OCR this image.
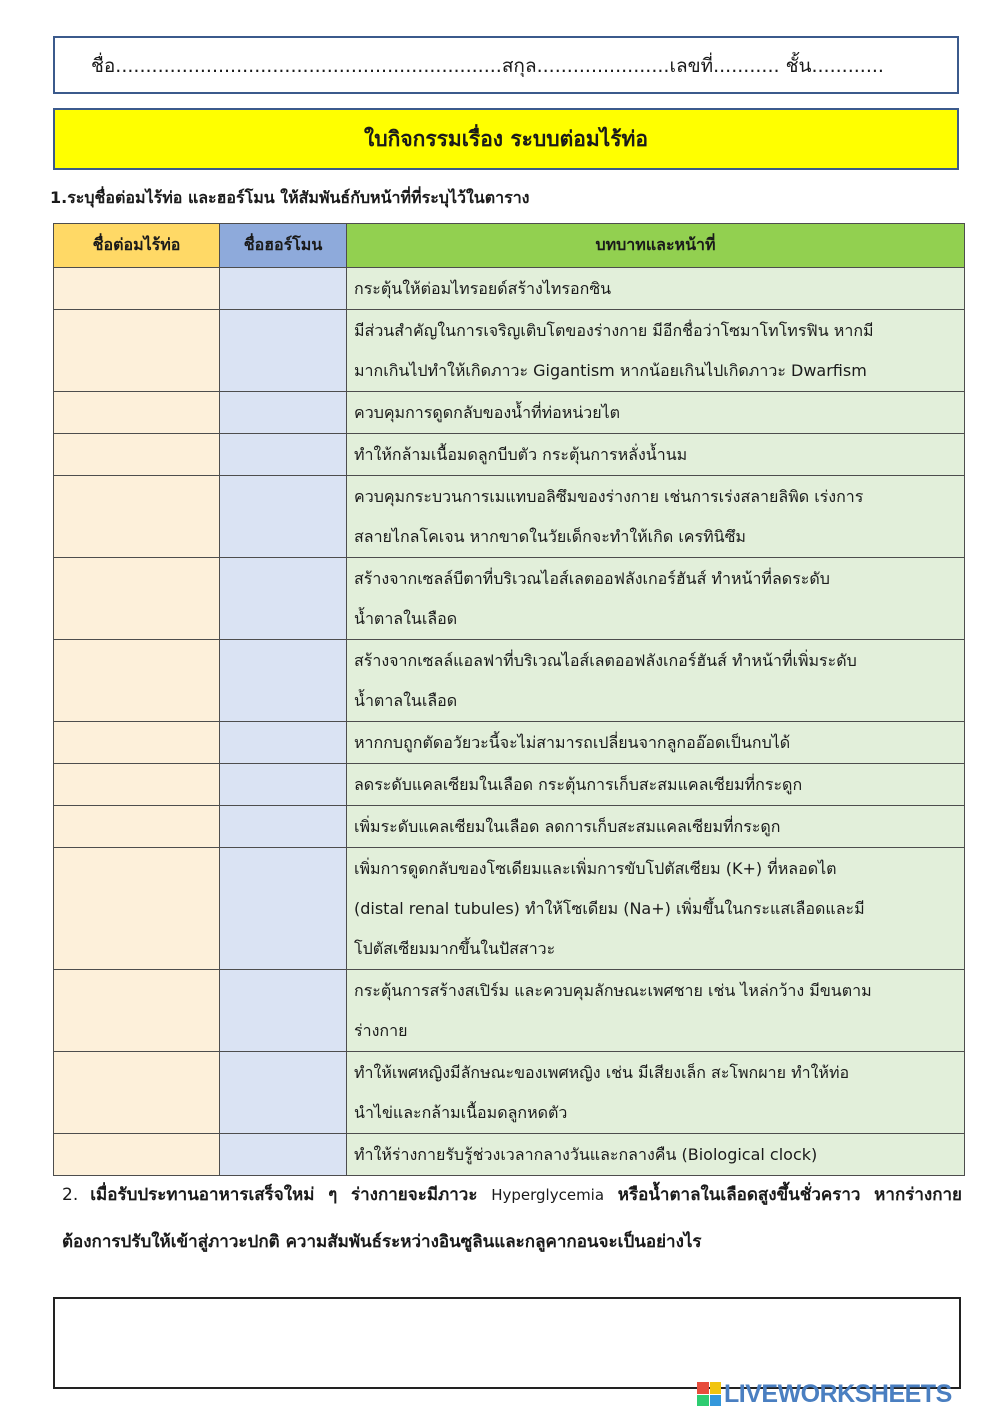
ชื่อ................................................................สกุล......................เลขที่........... ชั้น............
ใบกิจกรรมเรื่อง ระบบต่อมไร้ท่อ
1.ระบุชื่อต่อมไร้ท่อ และฮอร์โมน ให้สัมพันธ์กับหน้าที่ที่ระบุไว้ในตาราง
ชื่อต่อมไร้ท่อ	ชื่อฮอร์โมน	บทบาทและหน้าที่

		กระตุ้นให้ต่อมไทรอยด์สร้างไทรอกซิน

		มีส่วนสำคัญในการเจริญเติบโตของร่างกาย มีอีกชื่อว่าโซมาโทโทรฟิน หากมี
มากเกินไปทำให้เกิดภาวะ Gigantism หากน้อยเกินไปเกิดภาวะ Dwarfism

		ควบคุมการดูดกลับของน้ำที่ท่อหน่วยไต

		ทำให้กล้ามเนื้อมดลูกบีบตัว กระตุ้นการหลั่งน้ำนม

		ควบคุมกระบวนการเมแทบอลิซึมของร่างกาย เช่นการเร่งสลายลิพิด เร่งการ
สลายไกลโคเจน หากขาดในวัยเด็กจะทำให้เกิด เครทินิซึม

		สร้างจากเซลล์บีตาที่บริเวณไอส์เลตออฟลังเกอร์ฮันส์ ทำหน้าที่ลดระดับ
น้ำตาลในเลือด

		สร้างจากเซลล์แอลฟาที่บริเวณไอส์เลตออฟลังเกอร์ฮันส์ ทำหน้าที่เพิ่มระดับ
น้ำตาลในเลือด

		หากกบถูกตัดอวัยวะนี้จะไม่สามารถเปลี่ยนจากลูกออ๊อดเป็นกบได้

		ลดระดับแคลเซียมในเลือด กระตุ้นการเก็บสะสมแคลเซียมที่กระดูก

		เพิ่มระดับแคลเซียมในเลือด ลดการเก็บสะสมแคลเซียมที่กระดูก

		เพิ่มการดูดกลับของโซเดียมและเพิ่มการขับโปตัสเซียม (K+) ที่หลอดไต
(distal renal tubules) ทำให้โซเดียม (Na+) เพิ่มขึ้นในกระแสเลือดและมี
โปตัสเซียมมากขึ้นในปัสสาวะ

		กระตุ้นการสร้างสเปิร์ม และควบคุมลักษณะเพศชาย เช่น ไหล่กว้าง มีขนตาม
ร่างกาย

		ทำให้เพศหญิงมีลักษณะของเพศหญิง เช่น มีเสียงเล็ก สะโพกผาย ทำให้ท่อ
นำไข่และกล้ามเนื้อมดลูกหดตัว

		ทำให้ร่างกายรับรู้ช่วงเวลากลางวันและกลางคืน (Biological clock)
2. เมื่อรับประทานอาหารเสร็จใหม่ ๆ ร่างกายจะมีภาวะ Hyperglycemia หรือน้ำตาลในเลือดสูงขึ้นชั่วคราว หากร่างกายต้องการปรับให้เข้าสู่ภาวะปกติ ความสัมพันธ์ระหว่างอินซูลินและกลูคากอนจะเป็นอย่างไร
LIVEWORKSHEETS
